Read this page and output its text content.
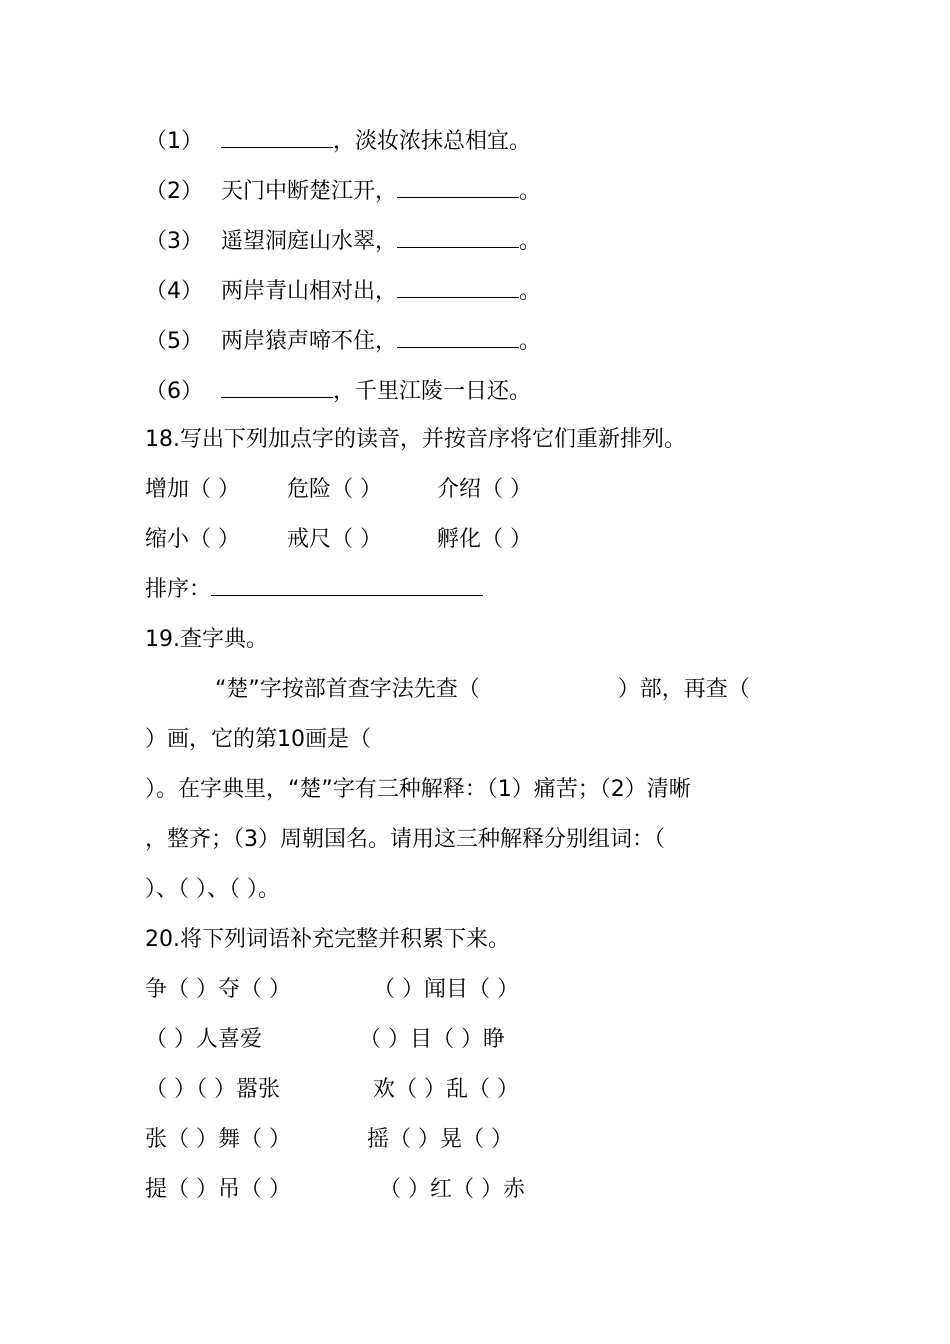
（1）	，淡妆浓抹总相宜。
（2） 天门中断楚江开，	。
（3） 遥望洞庭山水翠，	。
（4） 两岸青山相对出，	。
（5） 两岸猿声啼不住，	。
（6）	，千里江陵一日还。
18.写出下列加点字的读音，并按音序将它们重新排列。
增加（ ） 危险（ ）	介绍（ ）
缩小（ ） 戒尺（ ）	孵化（ ）
排序：
19.查字典。
“楚”字按部首查字法先查（	）部，再查（
）画，它的第10画是（
）。在字典里，“楚”字有三种解释：（1）痛苦；（2）清晰
，整齐；（3）周朝国名。请用这三种解释分别组词：（
）、（ ）、（ ）。
20.将下列词语补充完整并积累下来。
争（ ）夺（ ）	（ ）闻目（ ）
（ ）人喜爱	（ ）目（ ）睁
（ ）（ ）嚣张	欢（ ）乱（ ）
张（ ）舞（ ）	摇（ ）晃（ ）
提（ ）吊（ ）	（ ）红（ ）赤
